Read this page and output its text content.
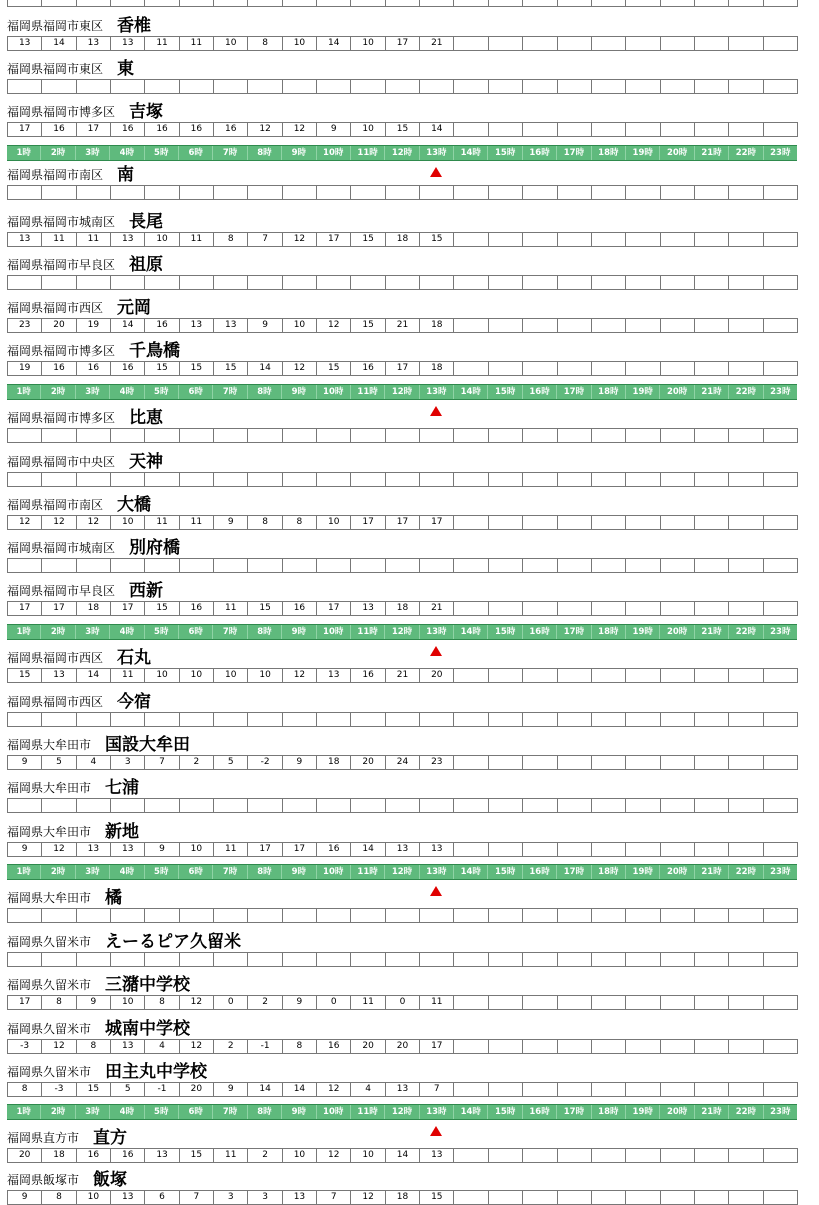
1時	2時	3時	4時	5時	6時	7時	8時	9時	10時	11時	12時	13時	14時	15時	16時	17時	18時	19時	20時	21時	22時	23時
1時	2時	3時	4時	5時	6時	7時	8時	9時	10時	11時	12時	13時	14時	15時	16時	17時	18時	19時	20時	21時	22時	23時
1時	2時	3時	4時	5時	6時	7時	8時	9時	10時	11時	12時	13時	14時	15時	16時	17時	18時	19時	20時	21時	22時	23時
1時	2時	3時	4時	5時	6時	7時	8時	9時	10時	11時	12時	13時	14時	15時	16時	17時	18時	19時	20時	21時	22時	23時
1時	2時	3時	4時	5時	6時	7時	8時	9時	10時	11時	12時	13時	14時	15時	16時	17時	18時	19時	20時	21時	22時	23時
福岡県福岡市東区 香椎
13	14	13	13	11	11	10	8	10	14	10	17	21
福岡県福岡市東区 東
福岡県福岡市博多区 吉塚
17	16	17	16	16	16	16	12	12	9	10	15	14
福岡県福岡市南区 南
福岡県福岡市城南区 長尾
13	11	11	13	10	11	8	7	12	17	15	18	15
福岡県福岡市早良区 祖原
福岡県福岡市西区 元岡
23	20	19	14	16	13	13	9	10	12	15	21	18
福岡県福岡市博多区 千鳥橋
19	16	16	16	15	15	15	14	12	15	16	17	18
福岡県福岡市博多区 比恵
福岡県福岡市中央区 天神
福岡県福岡市南区 大橋
12	12	12	10	11	11	9	8	8	10	17	17	17
福岡県福岡市城南区 別府橋
福岡県福岡市早良区 西新
17	17	18	17	15	16	11	15	16	17	13	18	21
福岡県福岡市西区 石丸
15	13	14	11	10	10	10	10	12	13	16	21	20
福岡県福岡市西区 今宿
福岡県大牟田市 国設大牟田
9	5	4	3	7	2	5	-2	9	18	20	24	23
福岡県大牟田市 七浦
福岡県大牟田市 新地
9	12	13	13	9	10	11	17	17	16	14	13	13
福岡県大牟田市 橘
福岡県久留米市 えーるピア久留米
福岡県久留米市 三潴中学校
17	8	9	10	8	12	0	2	9	0	11	0	11
福岡県久留米市 城南中学校
-3	12	8	13	4	12	2	-1	8	16	20	20	17
福岡県久留米市 田主丸中学校
8	-3	15	5	-1	20	9	14	14	12	4	13	7
福岡県直方市 直方
20	18	16	16	13	15	11	2	10	12	10	14	13
福岡県飯塚市 飯塚
9	8	10	13	6	7	3	3	13	7	12	18	15
